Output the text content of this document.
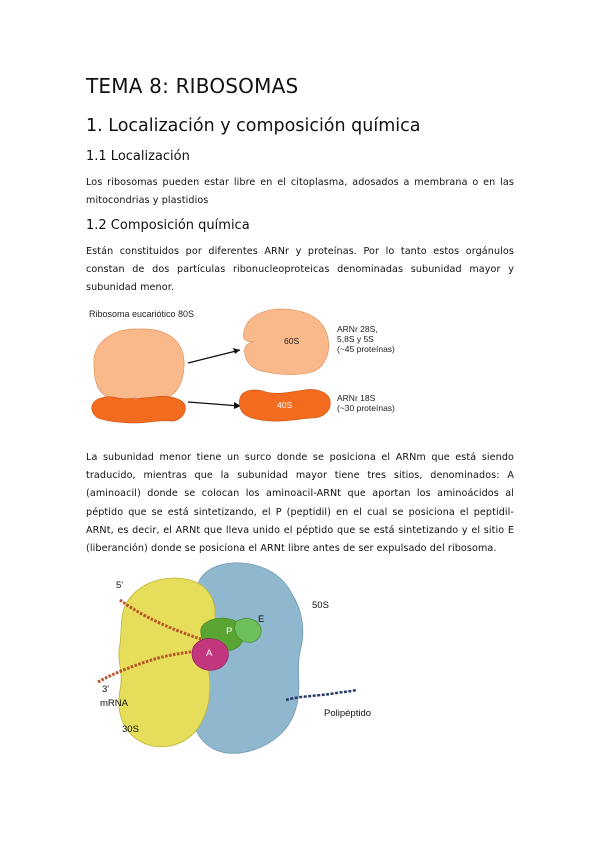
TEMA 8: RIBOSOMAS
1. Localización y composición química
1.1 Localización

Los ribosomas pueden estar libre en el citoplasma, adosados a membrana o en las mitocondrias y plastidios

1.2 Composición química

Están constituidos por diferentes ARNr y proteínas. Por lo tanto estos orgánulos constan de dos partículas ribonucleoproteicas denominadas subunidad mayor y subunidad menor.

Ribosoma eucariótico 80S
60S
40S
ARNr 28S,
5,8S y 5S
(~45 proteínas)
ARNr 18S
(~30 proteínas)

La subunidad menor tiene un surco donde se posiciona el ARNm que está siendo traducido, mientras que la subunidad mayor tiene tres sitios, denominados: A (aminoacil) donde se colocan los aminoacil-ARNt que aportan los aminoácidos al péptido que se está sintetizando, el P (peptidil) en el cual se posiciona el peptidil-ARNt, es decir, el ARNt que lleva unido el péptido que se está sintetizando y el sitio E (liberanción) donde se posiciona el ARNt libre antes de ser expulsado del ribosoma.

5'
3'
mRNA
30S
50S
E
P
A
Polipéptido
